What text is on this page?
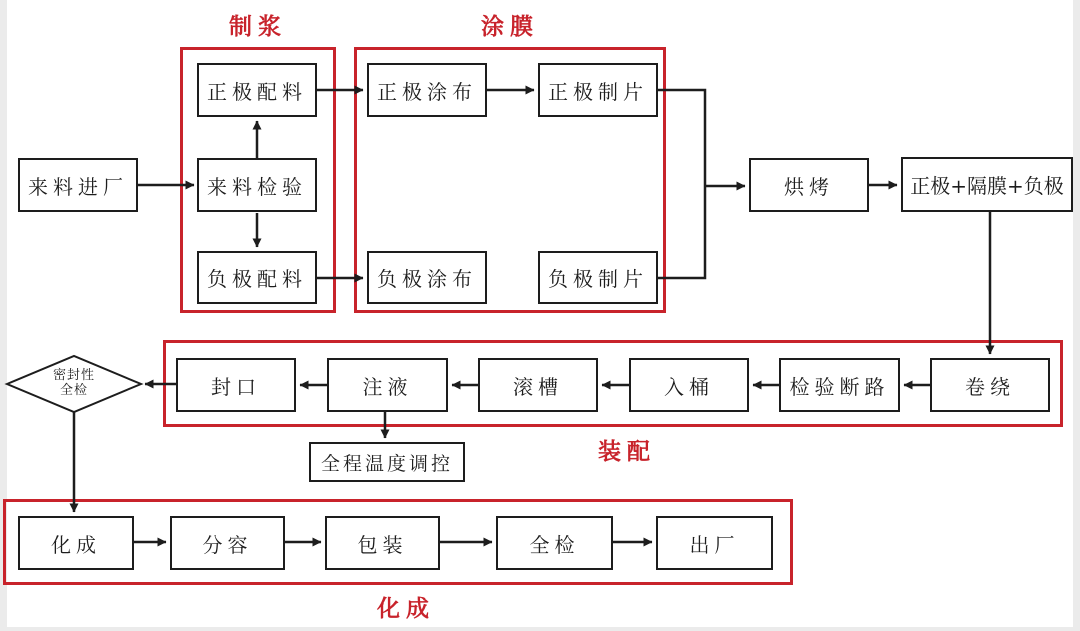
制浆	涂膜
装配
化成
来料进厂	来料检验
正极配料
负极配料
正极涂布	正极制片
负极涂布	负极制片
烘烤	正极+隔膜+负极
卷绕
检验断路
入桶
滚槽
注液
封口
全程温度调控
化成	分容	包装	全检	出厂
密封性
全检
